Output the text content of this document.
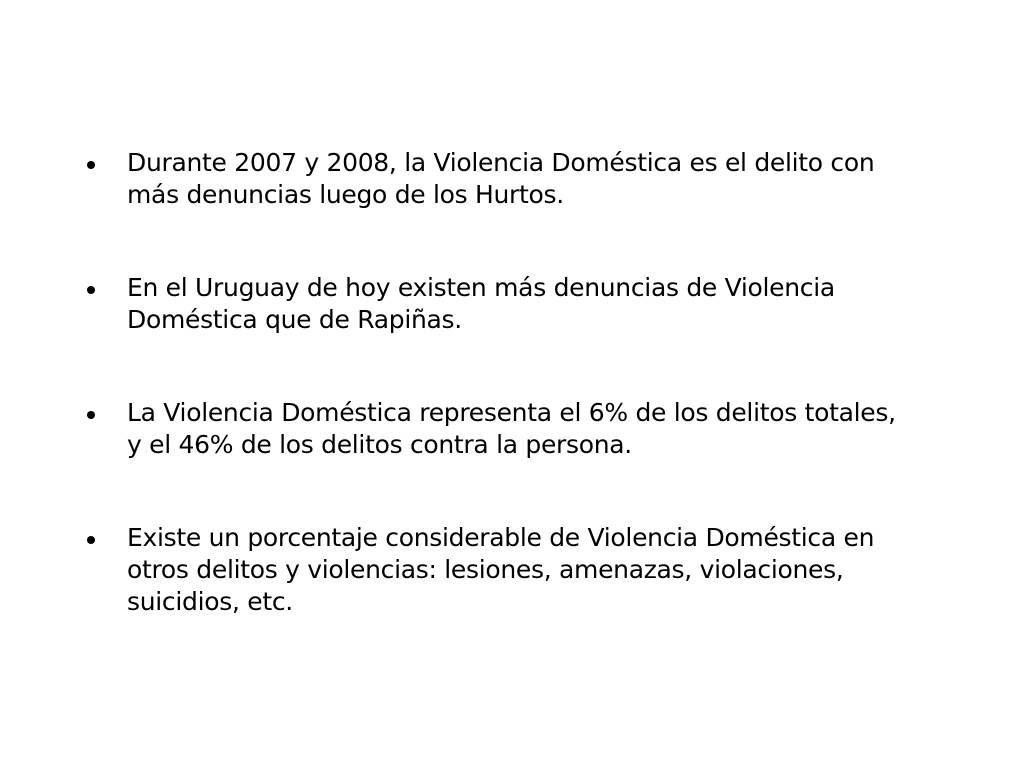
Durante 2007 y 2008, la Violencia Doméstica es el delito con más denuncias luego de los Hurtos.
En el Uruguay de hoy existen más denuncias de Violencia Doméstica que de Rapiñas.
La Violencia Doméstica representa el 6% de los delitos totales, y el 46% de los delitos contra la persona.
Existe un porcentaje considerable de Violencia Doméstica en otros delitos y violencias: lesiones, amenazas, violaciones, suicidios, etc.
